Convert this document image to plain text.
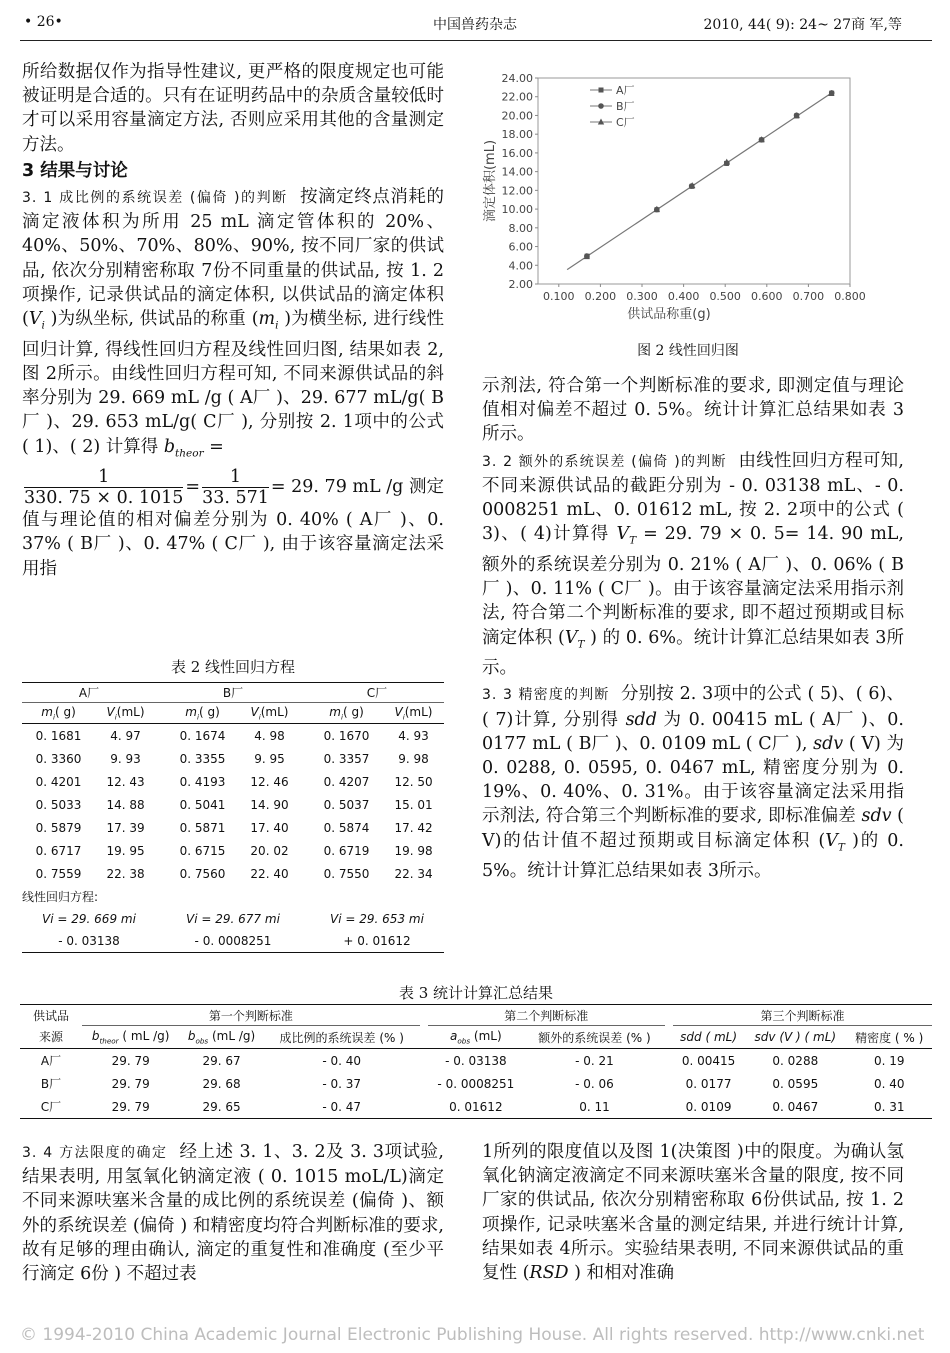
• 26•	中国兽药杂志	2010, 44( 9): 24~ 27商 军,等

所给数据仅作为指导性建议, 更严格的限度规定也可能被证明是合适的。只有在证明药品中的杂质含量较低时才可以采用容量滴定方法, 否则应采用其他的含量测定方法。

3 结果与讨论

3. 1 成比例的系统误差 (偏倚 )的判断 按滴定终点消耗的滴定液体积为所用 25 mL 滴定管体积的 20%、40%、50%、70%、80%、90%, 按不同厂家的供试品, 依次分别精密称取 7份不同重量的供试品, 按 1. 2项操作, 记录供试品的滴定体积, 以供试品的滴定体积 ($V_i$ )为纵坐标, 供试品的称重 ($m_i$ )为横坐标, 进行线性回归计算, 得线性回归方程及线性回归图, 结果如表 2, 图 2所示。由线性回归方程可知, 不同来源供试品的斜率分别为 29. 669 mL /g ( A厂 )、29. 677 mL/g( B厂 )、29. 653 mL/g( C厂 ), 分别按 2. 1项中的公式 ( 1)、( 2) 计算得 $b_{theor}$ =

$\frac{1}{330. 75 \times 0. 1015} = \frac{1}{33. 571} = 29$. 79 mL /g 测定值与理论值的相对偏差分别为 0. 40% ( A厂 )、0. 37% ( B厂 )、0. 47% ( C厂 ), 由于该容量滴定法采用指

表 2 线性回归方程
A厂			B厂			C厂	
$m_i$( g)	$V_i(mL)$		$m_i$( g)	$V_i(mL)$		$m_i$( g)	$V_i(mL)$
0. 1681	4. 97		0. 1674	4. 98		0. 1670	4. 93
0. 3360	9. 93		0. 3355	9. 95		0. 3357	9. 98
0. 4201	12. 43		0. 4193	12. 46		0. 4207	12. 50
0. 5033	14. 88		0. 5041	14. 90		0. 5037	15. 01
0. 5879	17. 39		0. 5871	17. 40		0. 5874	17. 42
0. 6717	19. 95		0. 6715	20. 02		0. 6719	19. 98
0. 7559	22. 38		0. 7560	22. 40		0. 7550	22. 34
线性回归方程:							
Vi = 29. 669 mi			Vi = 29. 677 mi			Vi = 29. 653 mi	
- 0. 03138			- 0. 0008251			+ 0. 01612	
2.00
4.00
6.00
8.00
10.00
12.00
14.00
16.00
18.00
20.00
22.00
24.00
0.100 0.200 0.300 0.400 0.500 0.600 0.700 0.800
A厂
B厂
C厂
供试品称重(g)
滴定体积(mL)
图 2 线性回归图

示剂法, 符合第一个判断标准的要求, 即测定值与理论值相对偏差不超过 0. 5%。统计计算汇总结果如表 3所示。

3. 2 额外的系统误差 (偏倚 )的判断 由线性回归方程可知, 不同来源供试品的截距分别为 - 0. 03138 mL、- 0. 0008251 mL、0. 01612 mL, 按 2. 2项中的公式 ( 3)、( 4)计算得 $V_T = 29$. 79 × 0. 5= 14. 90 mL, 额外的系统误差分别为 0. 21% ( A厂 )、0. 06% ( B厂 )、0. 11% ( C厂 )。由于该容量滴定法采用指示剂法, 符合第二个判断标准的要求, 即不超过预期或目标滴定体积 ($V_T$ ) 的 0. 6%。统计计算汇总结果如表 3所示。

3. 3 精密度的判断 分别按 2. 3项中的公式 ( 5)、( 6)、( 7)计算, 分别得 sdd 为 0. 00415 mL ( A厂 )、0. 0177 mL ( B厂 )、0. 0109 mL ( C厂 ), sdv ( V) 为 0. 0288, 0. 0595, 0. 0467 mL, 精密度分别为 0. 19%、0. 40%、0. 31%。由于该容量滴定法采用指示剂法, 符合第三个判断标准的要求, 即标准偏差 sdv ( V)的估计值不超过预期或目标滴定体积 ($V_T$ )的 0. 5%。统计计算汇总结果如表 3所示。

表 3 统计计算汇总结果
供试品	第一个判断标准				第二个判断标准			第三个判断标准		
来源	$b_{theor}$ ( mL /g)	$b_{obs}$ (mL /g)	成比例的系统误差 (% )		$a_{obs}$ (mL)	额外的系统误差 (% )		sdd ( mL)	sdv (V ) ( mL)	精密度 ( % )
A厂	29. 79	29. 67	- 0. 40		- 0. 03138	- 0. 21		0. 00415	0. 0288	0. 19
B厂	29. 79	29. 68	- 0. 37		- 0. 0008251	- 0. 06		0. 0177	0. 0595	0. 40
C厂	29. 79	29. 65	- 0. 47		0. 01612	0. 11		0. 0109	0. 0467	0. 31

3. 4 方法限度的确定 经上述 3. 1、3. 2及 3. 3项试验, 结果表明, 用氢氧化钠滴定液 ( 0. 1015 moL/L)滴定不同来源呋塞米含量的成比例的系统误差 (偏倚 )、额外的系统误差 (偏倚 ) 和精密度均符合判断标准的要求, 故有足够的理由确认, 滴定的重复性和准确度 (至少平行滴定 6份 ) 不超过表

1所列的限度值以及图 1(决策图 )中的限度。为确认氢氧化钠滴定液滴定不同来源呋塞米含量的限度, 按不同厂家的供试品, 依次分别精密称取 6份供试品, 按 1. 2项操作, 记录呋塞米含量的测定结果, 并进行统计计算, 结果如表 4所示。实验结果表明, 不同来源供试品的重复性 (RSD ) 和相对准确

© 1994-2010 China Academic Journal Electronic Publishing House. All rights reserved. http://www.cnki.net
